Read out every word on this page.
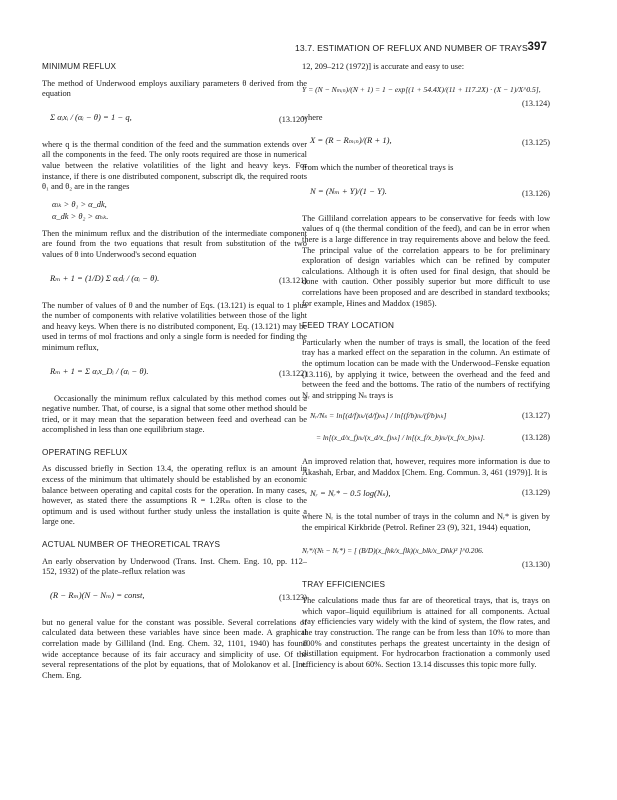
13.7. ESTIMATION OF REFLUX AND NUMBER OF TRAYS 397
MINIMUM REFLUX

The method of Underwood employs auxiliary parameters θ derived from the equation

Σ αᵢxᵢ / (αᵢ − θ) = 1 − q,	(13.120)

where q is the thermal condition of the feed and the summation extends over all the components in the feed. The only roots required are those in numerical value between the relative volatilities of the light and heavy keys. For instance, if there is one distributed component, subscript dk, the required roots θ₁ and θ₂ are in the ranges

αₗₖ > θ₁ > α_dk,
α_dk > θ₂ > αₕₖ.

Then the minimum reflux and the distribution of the intermediate component are found from the two equations that result from substitution of the two values of θ into Underwood's second equation

Rₘ + 1 = (1/D) Σ αᵢdᵢ / (αᵢ − θ).	(13.121)

The number of values of θ and the number of Eqs. (13.121) is equal to 1 plus the number of components with relative volatilities between those of the light and heavy keys. When there is no distributed component, Eq. (13.121) may be used in terms of mol fractions and only a single form is needed for finding the minimum reflux,

Rₘ + 1 = Σ αᵢx_Dᵢ / (αᵢ − θ).	(13.122)

Occasionally the minimum reflux calculated by this method comes out a negative number. That, of course, is a signal that some other method should be tried, or it may mean that the separation between feed and overhead can be accomplished in less than one equilibrium stage.

OPERATING REFLUX

As discussed briefly in Section 13.4, the operating reflux is an amount in excess of the minimum that ultimately should be established by an economic balance between operating and capital costs for the operation. In many cases, however, as stated there the assumptions R = 1.2Rₘ often is close to the optimum and is used without further study unless the installation is quite a large one.

ACTUAL NUMBER OF THEORETICAL TRAYS

An early observation by Underwood (Trans. Inst. Chem. Eng. 10, pp. 112–152, 1932) of the plate–reflux relation was

(R − Rₘ)(N − Nₘ) = const,	(13.123)

but no general value for the constant was possible. Several correlations of calculated data between these variables have since been made. A graphical correlation made by Gilliland (Ind. Eng. Chem. 32, 1101, 1940) has found wide acceptance because of its fair accuracy and simplicity of use. Of the several representations of the plot by equations, that of Molokanov et al. [Int. Chem. Eng.

12, 209–212 (1972)] is accurate and easy to use:

Y = (N − Nₘᵢₙ)/(N + 1) = 1 − exp[(1 + 54.4X)/(11 + 117.2X) · (X − 1)/X^0.5],
(13.124)

where

X = (R − Rₘᵢₙ)/(R + 1),	(13.125)

from which the number of theoretical trays is

N = (Nₘ + Y)/(1 − Y).	(13.126)

The Gilliland correlation appears to be conservative for feeds with low values of q (the thermal condition of the feed), and can be in error when there is a large difference in tray requirements above and below the feed. The principal value of the correlation appears to be for preliminary exploration of design variables which can be refined by computer calculations. Although it is often used for final design, that should be done with caution. Other possibly superior but more difficult to use correlations have been proposed and are described in standard textbooks; for example, Hines and Maddox (1985).

FEED TRAY LOCATION

Particularly when the number of trays is small, the location of the feed tray has a marked effect on the separation in the column. An estimate of the optimum location can be made with the Underwood–Fenske equation (13.116), by applying it twice, between the overhead and the feed and between the feed and the bottoms. The ratio of the numbers of rectifying Nᵣ and stripping Nₛ trays is

Nᵣ/Nₛ = ln[(d/f)ₗₖ/(d/f)ₕₖ] / ln[(f/b)ₗₖ/(f/b)ₕₖ]	(13.127)
= ln[(x_d/x_f)ₗₖ/(x_d/x_f)ₕₖ] / ln[(x_f/x_b)ₗₖ/(x_f/x_b)ₕₖ].	(13.128)

An improved relation that, however, requires more information is due to Akashah, Erbar, and Maddox [Chem. Eng. Commun. 3, 461 (1979)]. It is

Nᵣ = Nᵣ* − 0.5 log(Nₛ),	(13.129)

where Nᵣ is the total number of trays in the column and Nᵣ* is given by the empirical Kirkbride (Petrol. Refiner 23 (9), 321, 1944) equation,

Nᵣ*/(Nₜ − Nᵣ*) = [ (B/D)(x_fhk/x_flk)(x_blk/x_Dhk)² ]^0.206.
(13.130)
TRAY EFFICIENCIES

The calculations made thus far are of theoretical trays, that is, trays on which vapor–liquid equilibrium is attained for all components. Actual tray efficiencies vary widely with the kind of system, the flow rates, and the tray construction. The range can be from less than 10% to more than 100% and constitutes perhaps the greatest uncertainty in the design of distillation equipment. For hydrocarbon fractionation a commonly used efficiency is about 60%. Section 13.14 discusses this topic more fully.
